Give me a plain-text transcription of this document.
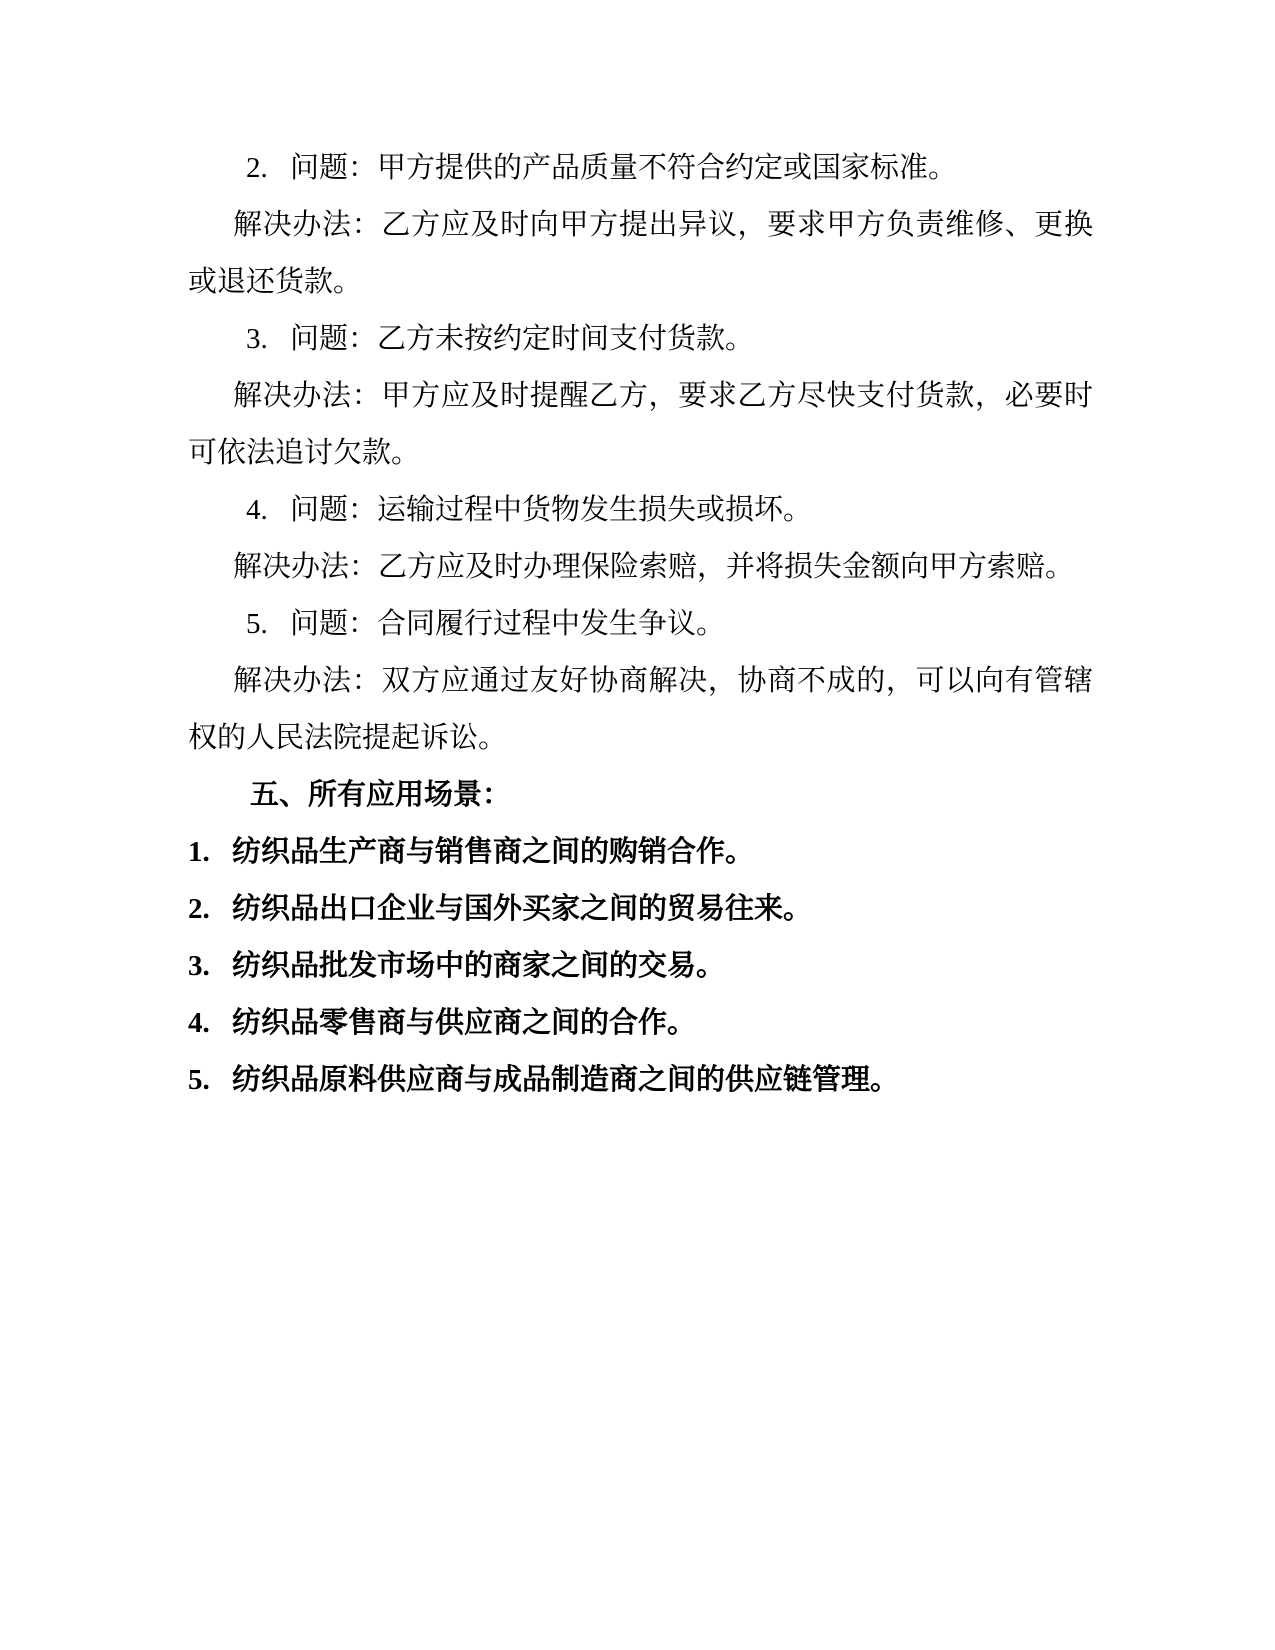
2. 问题：甲方提供的产品质量不符合约定或国家标准。

解决办法：乙方应及时向甲方提出异议，要求甲方负责维修、更换或退还货款。

3. 问题：乙方未按约定时间支付货款。

解决办法：甲方应及时提醒乙方，要求乙方尽快支付货款，必要时可依法追讨欠款。

4. 问题：运输过程中货物发生损失或损坏。

解决办法：乙方应及时办理保险索赔，并将损失金额向甲方索赔。

5. 问题：合同履行过程中发生争议。

解决办法：双方应通过友好协商解决，协商不成的，可以向有管辖权的人民法院提起诉讼。

五、所有应用场景：

1. 纺织品生产商与销售商之间的购销合作。

2. 纺织品出口企业与国外买家之间的贸易往来。

3. 纺织品批发市场中的商家之间的交易。

4. 纺织品零售商与供应商之间的合作。

5. 纺织品原料供应商与成品制造商之间的供应链管理。
